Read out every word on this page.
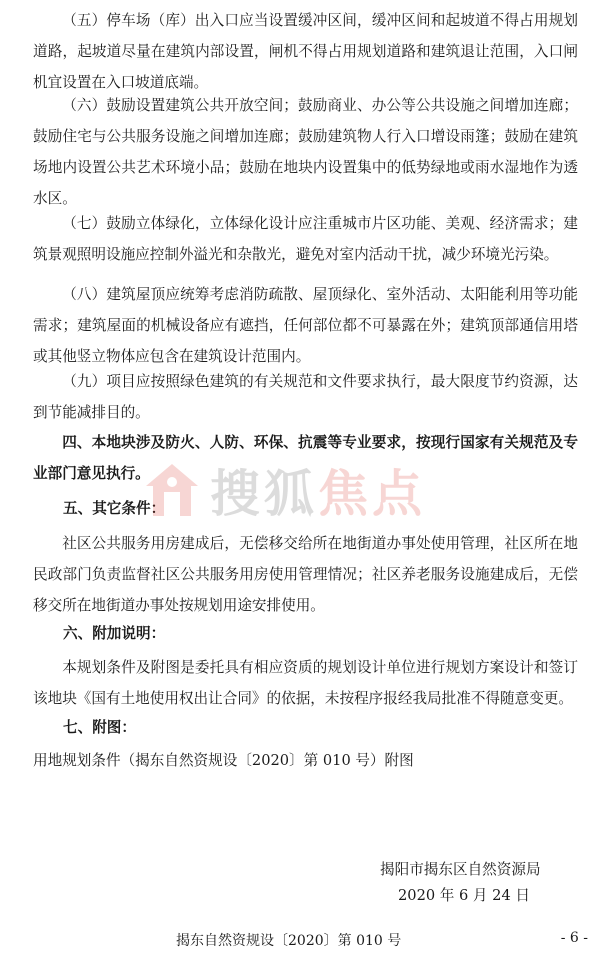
（五）停车场（库）出入口应当设置缓冲区间，缓冲区间和起坡道不得占用规划道路，起坡道尽量在建筑内部设置，闸机不得占用规划道路和建筑退让范围，入口闸机宜设置在入口坡道底端。

（六）鼓励设置建筑公共开放空间；鼓励商业、办公等公共设施之间增加连廊；鼓励住宅与公共服务设施之间增加连廊；鼓励建筑物人行入口增设雨篷；鼓励在建筑场地内设置公共艺术环境小品；鼓励在地块内设置集中的低势绿地或雨水湿地作为透水区。

（七）鼓励立体绿化，立体绿化设计应注重城市片区功能、美观、经济需求；建筑景观照明设施应控制外溢光和杂散光，避免对室内活动干扰，减少环境光污染。

（八）建筑屋顶应统筹考虑消防疏散、屋顶绿化、室外活动、太阳能利用等功能需求；建筑屋面的机械设备应有遮挡，任何部位都不可暴露在外；建筑顶部通信用塔或其他竖立物体应包含在建筑设计范围内。

（九）项目应按照绿色建筑的有关规范和文件要求执行，最大限度节约资源，达到节能减排目的。

四、本地块涉及防火、人防、环保、抗震等专业要求，按现行国家有关规范及专业部门意见执行。

五、其它条件：

社区公共服务用房建成后，无偿移交给所在地街道办事处使用管理，社区所在地民政部门负责监督社区公共服务用房使用管理情况；社区养老服务设施建成后，无偿移交所在地街道办事处按规划用途安排使用。

六、附加说明：

本规划条件及附图是委托具有相应资质的规划设计单位进行规划方案设计和签订该地块《国有土地使用权出让合同》的依据，未按程序报经我局批准不得随意变更。

七、附图：

用地规划条件（揭东自然资规设〔2020〕第 010 号）附图

揭阳市揭东区自然资源局

2020 年 6 月 24 日

揭东自然资规设〔2020〕第 010 号	- 6 -
搜狐焦点
